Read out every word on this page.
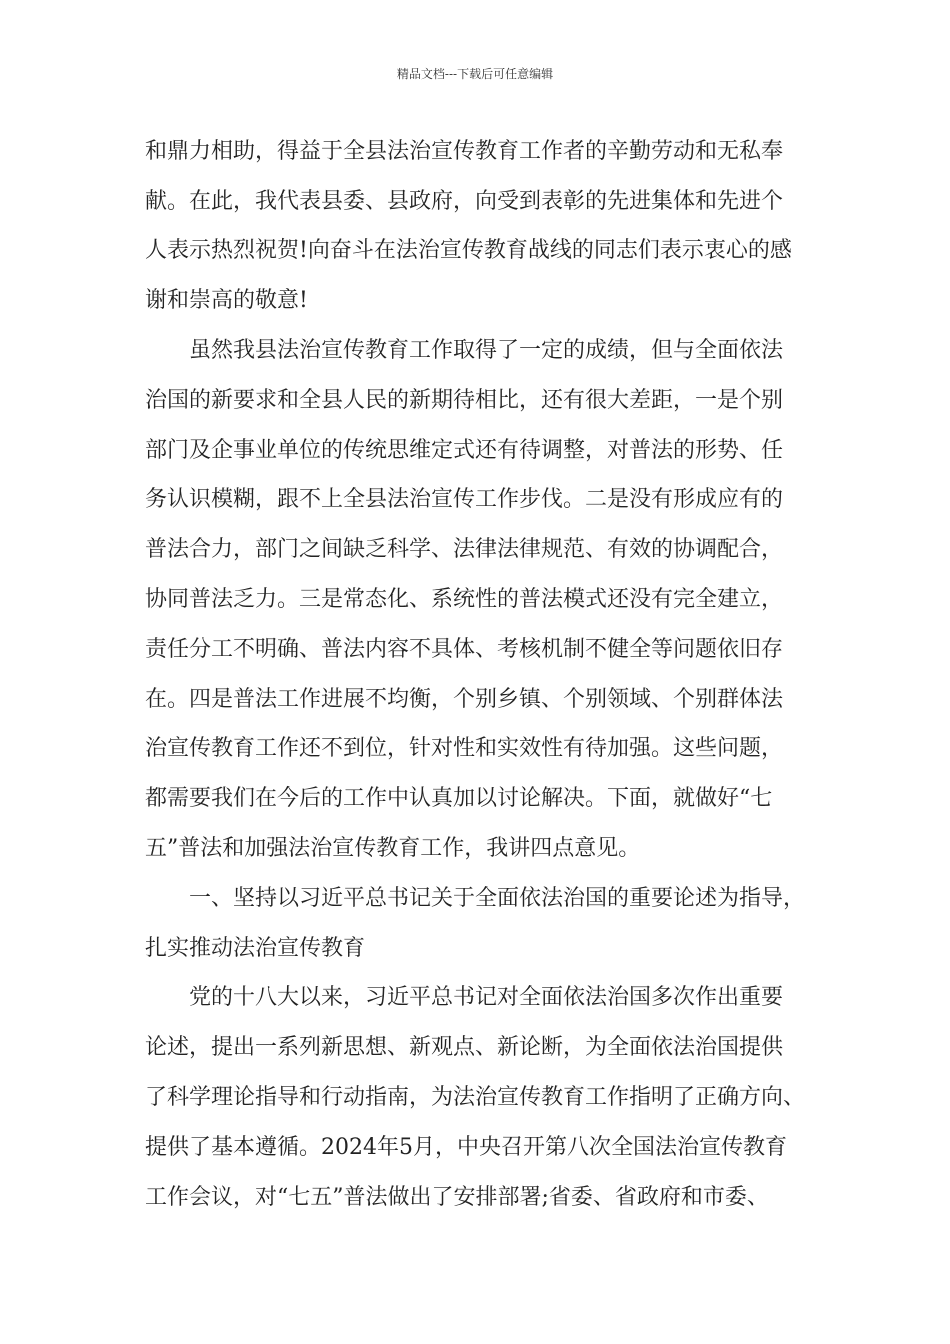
精品文档---下载后可任意编辑
和鼎力相助，得益于全县法治宣传教育工作者的辛勤劳动和无私奉
献。在此，我代表县委、县政府，向受到表彰的先进集体和先进个
人表示热烈祝贺!向奋斗在法治宣传教育战线的同志们表示衷心的感
谢和崇高的敬意!
虽然我县法治宣传教育工作取得了一定的成绩，但与全面依法
治国的新要求和全县人民的新期待相比，还有很大差距，一是个别
部门及企事业单位的传统思维定式还有待调整，对普法的形势、任
务认识模糊，跟不上全县法治宣传工作步伐。二是没有形成应有的
普法合力，部门之间缺乏科学、法律法律规范、有效的协调配合，
协同普法乏力。三是常态化、系统性的普法模式还没有完全建立，
责任分工不明确、普法内容不具体、考核机制不健全等问题依旧存
在。四是普法工作进展不均衡，个别乡镇、个别领域、个别群体法
治宣传教育工作还不到位，针对性和实效性有待加强。这些问题，
都需要我们在今后的工作中认真加以讨论解决。下面，就做好“七
五”普法和加强法治宣传教育工作，我讲四点意见。
一、坚持以习近平总书记关于全面依法治国的重要论述为指导，
扎实推动法治宣传教育
党的十八大以来，习近平总书记对全面依法治国多次作出重要
论述，提出一系列新思想、新观点、新论断，为全面依法治国提供
了科学理论指导和行动指南，为法治宣传教育工作指明了正确方向、
提供了基本遵循。2024年5月，中央召开第八次全国法治宣传教育
工作会议，对“七五”普法做出了安排部署;省委、省政府和市委、
